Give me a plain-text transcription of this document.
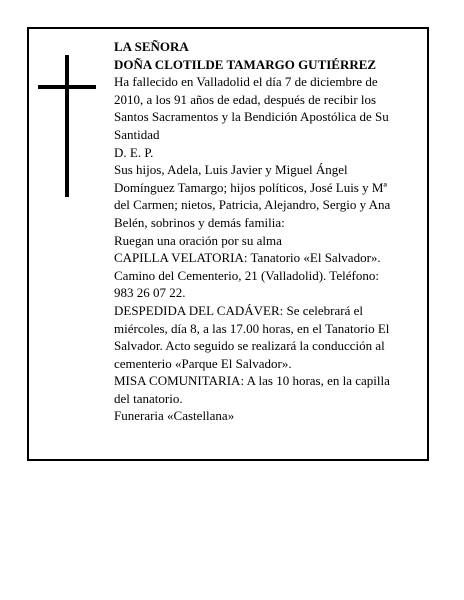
LA SEÑORA

DOÑA CLOTILDE TAMARGO GUTIÉRREZ

Ha fallecido en Valladolid el día 7 de diciembre de 2010, a los 91 años de edad, después de recibir los Santos Sacramentos y la Bendición Apostólica de Su Santidad

D. E. P.

Sus hijos, Adela, Luis Javier y Miguel Ángel Domínguez Tamargo; hijos políticos, José Luis y Mª del Carmen; nietos, Patricia, Alejandro, Sergio y Ana Belén, sobrinos y demás familia:

Ruegan una oración por su alma

CAPILLA VELATORIA: Tanatorio «El Salvador». Camino del Cementerio, 21 (Valladolid). Teléfono: 983 26 07 22.

DESPEDIDA DEL CADÁVER: Se celebrará el miércoles, día 8, a las 17.00 horas, en el Tanatorio El Salvador. Acto seguido se realizará la conducción al cementerio «Parque El Salvador».

MISA COMUNITARIA: A las 10 horas, en la capilla del tanatorio.

Funeraria «Castellana»
